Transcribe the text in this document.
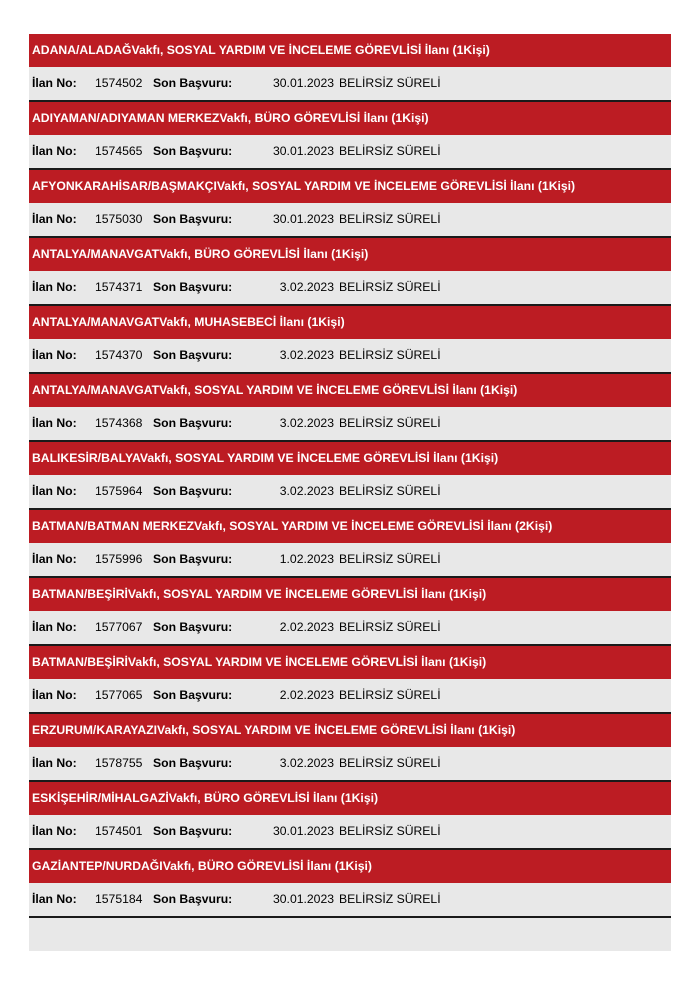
ADANA/ALADAĞVakfı, SOSYAL YARDIM VE İNCELEME GÖREVLİSİ İlanı (1Kişi)
İlan No: 1574502 Son Başvuru:	30.01.2023 BELİRSİZ SÜRELİ
ADIYAMAN/ADIYAMAN MERKEZVakfı, BÜRO GÖREVLİSİ İlanı (1Kişi)
İlan No: 1574565 Son Başvuru:	30.01.2023 BELİRSİZ SÜRELİ
AFYONKARAHİSAR/BAŞMAKÇIVakfı, SOSYAL YARDIM VE İNCELEME GÖREVLİSİ İlanı (1Kişi)
İlan No: 1575030 Son Başvuru:	30.01.2023 BELİRSİZ SÜRELİ
ANTALYA/MANAVGATVakfı, BÜRO GÖREVLİSİ İlanı (1Kişi)
İlan No: 1574371 Son Başvuru:	3.02.2023 BELİRSİZ SÜRELİ
ANTALYA/MANAVGATVakfı, MUHASEBECİ İlanı (1Kişi)
İlan No: 1574370 Son Başvuru:	3.02.2023 BELİRSİZ SÜRELİ
ANTALYA/MANAVGATVakfı, SOSYAL YARDIM VE İNCELEME GÖREVLİSİ İlanı (1Kişi)
İlan No: 1574368 Son Başvuru:	3.02.2023 BELİRSİZ SÜRELİ
BALIKESİR/BALYAVakfı, SOSYAL YARDIM VE İNCELEME GÖREVLİSİ İlanı (1Kişi)
İlan No: 1575964 Son Başvuru:	3.02.2023 BELİRSİZ SÜRELİ
BATMAN/BATMAN MERKEZVakfı, SOSYAL YARDIM VE İNCELEME GÖREVLİSİ İlanı (2Kişi)
İlan No: 1575996 Son Başvuru:	1.02.2023 BELİRSİZ SÜRELİ
BATMAN/BEŞİRİVakfı, SOSYAL YARDIM VE İNCELEME GÖREVLİSİ İlanı (1Kişi)
İlan No: 1577067 Son Başvuru:	2.02.2023 BELİRSİZ SÜRELİ
BATMAN/BEŞİRİVakfı, SOSYAL YARDIM VE İNCELEME GÖREVLİSİ İlanı (1Kişi)
İlan No: 1577065 Son Başvuru:	2.02.2023 BELİRSİZ SÜRELİ
ERZURUM/KARAYAZIVakfı, SOSYAL YARDIM VE İNCELEME GÖREVLİSİ İlanı (1Kişi)
İlan No: 1578755 Son Başvuru:	3.02.2023 BELİRSİZ SÜRELİ
ESKİŞEHİR/MİHALGAZİVakfı, BÜRO GÖREVLİSİ İlanı (1Kişi)
İlan No: 1574501 Son Başvuru:	30.01.2023 BELİRSİZ SÜRELİ
GAZİANTEP/NURDAĞIVakfı, BÜRO GÖREVLİSİ İlanı (1Kişi)
İlan No: 1575184 Son Başvuru:	30.01.2023 BELİRSİZ SÜRELİ
